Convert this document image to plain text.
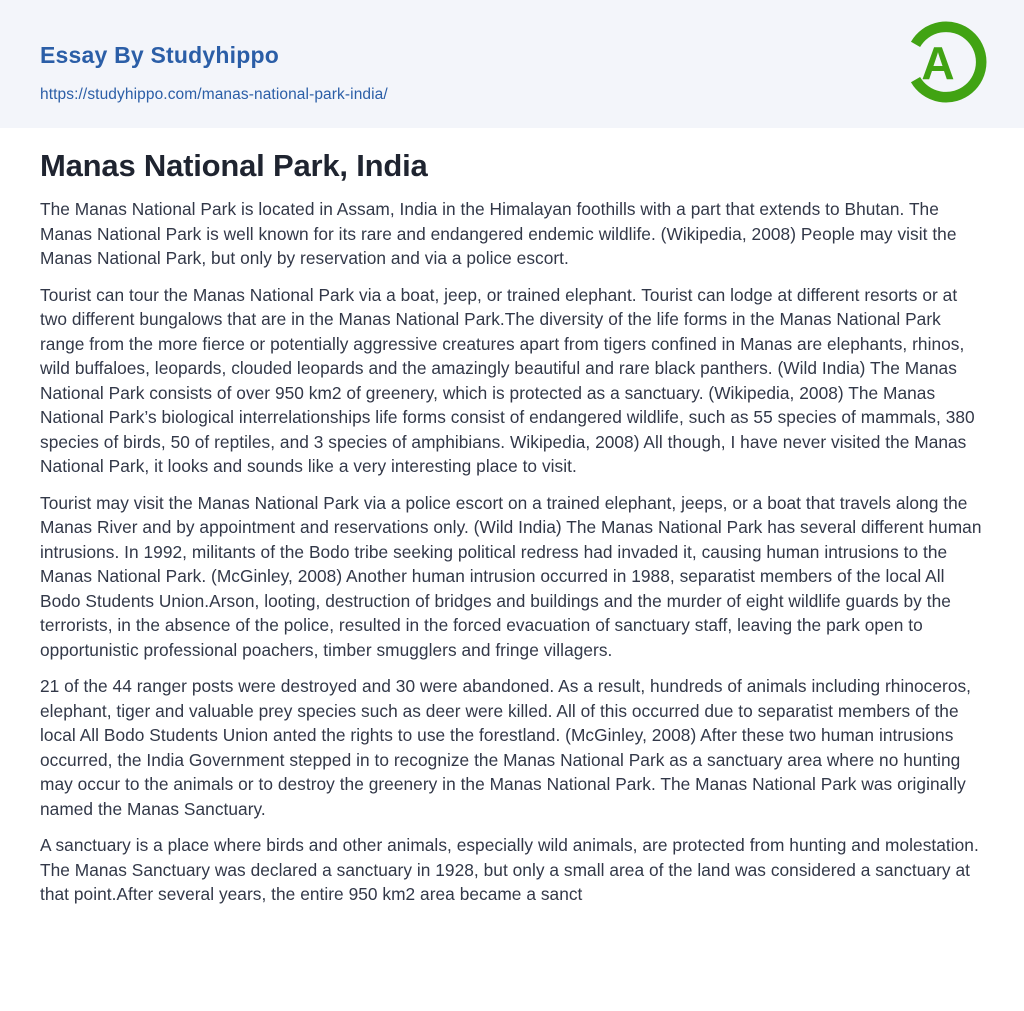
Essay By Studyhippo
https://studyhippo.com/manas-national-park-india/
A
Manas National Park, India

The Manas National Park is located in Assam, India in the Himalayan foothills with a part that extends to Bhutan. The Manas National Park is well known for its rare and endangered endemic wildlife. (Wikipedia, 2008) People may visit the Manas National Park, but only by reservation and via a police escort.

Tourist can tour the Manas National Park via a boat, jeep, or trained elephant. Tourist can lodge at different resorts or at two different bungalows that are in the Manas National Park.The diversity of the life forms in the Manas National Park range from the more fierce or potentially aggressive creatures apart from tigers confined in Manas are elephants, rhinos, wild buffaloes, leopards, clouded leopards and the amazingly beautiful and rare black panthers. (Wild India) The Manas National Park consists of over 950 km2 of greenery, which is protected as a sanctuary. (Wikipedia, 2008) The Manas National Park’s biological interrelationships life forms consist of endangered wildlife, such as 55 species of mammals, 380 species of birds, 50 of reptiles, and 3 species of amphibians. Wikipedia, 2008) All though, I have never visited the Manas National Park, it looks and sounds like a very interesting place to visit.

Tourist may visit the Manas National Park via a police escort on a trained elephant, jeeps, or a boat that travels along the Manas River and by appointment and reservations only. (Wild India) The Manas National Park has several different human intrusions. In 1992, militants of the Bodo tribe seeking political redress had invaded it, causing human intrusions to the Manas National Park. (McGinley, 2008) Another human intrusion occurred in 1988, separatist members of the local All Bodo Students Union.Arson, looting, destruction of bridges and buildings and the murder of eight wildlife guards by the terrorists, in the absence of the police, resulted in the forced evacuation of sanctuary staff, leaving the park open to opportunistic professional poachers, timber smugglers and fringe villagers.

21 of the 44 ranger posts were destroyed and 30 were abandoned. As a result, hundreds of animals including rhinoceros, elephant, tiger and valuable prey species such as deer were killed. All of this occurred due to separatist members of the local All Bodo Students Union anted the rights to use the forestland. (McGinley, 2008) After these two human intrusions occurred, the India Government stepped in to recognize the Manas National Park as a sanctuary area where no hunting may occur to the animals or to destroy the greenery in the Manas National Park. The Manas National Park was originally named the Manas Sanctuary.

A sanctuary is a place where birds and other animals, especially wild animals, are protected from hunting and molestation. The Manas Sanctuary was declared a sanctuary in 1928, but only a small area of the land was considered a sanctuary at that point.After several years, the entire 950 km2 area became a sanct
